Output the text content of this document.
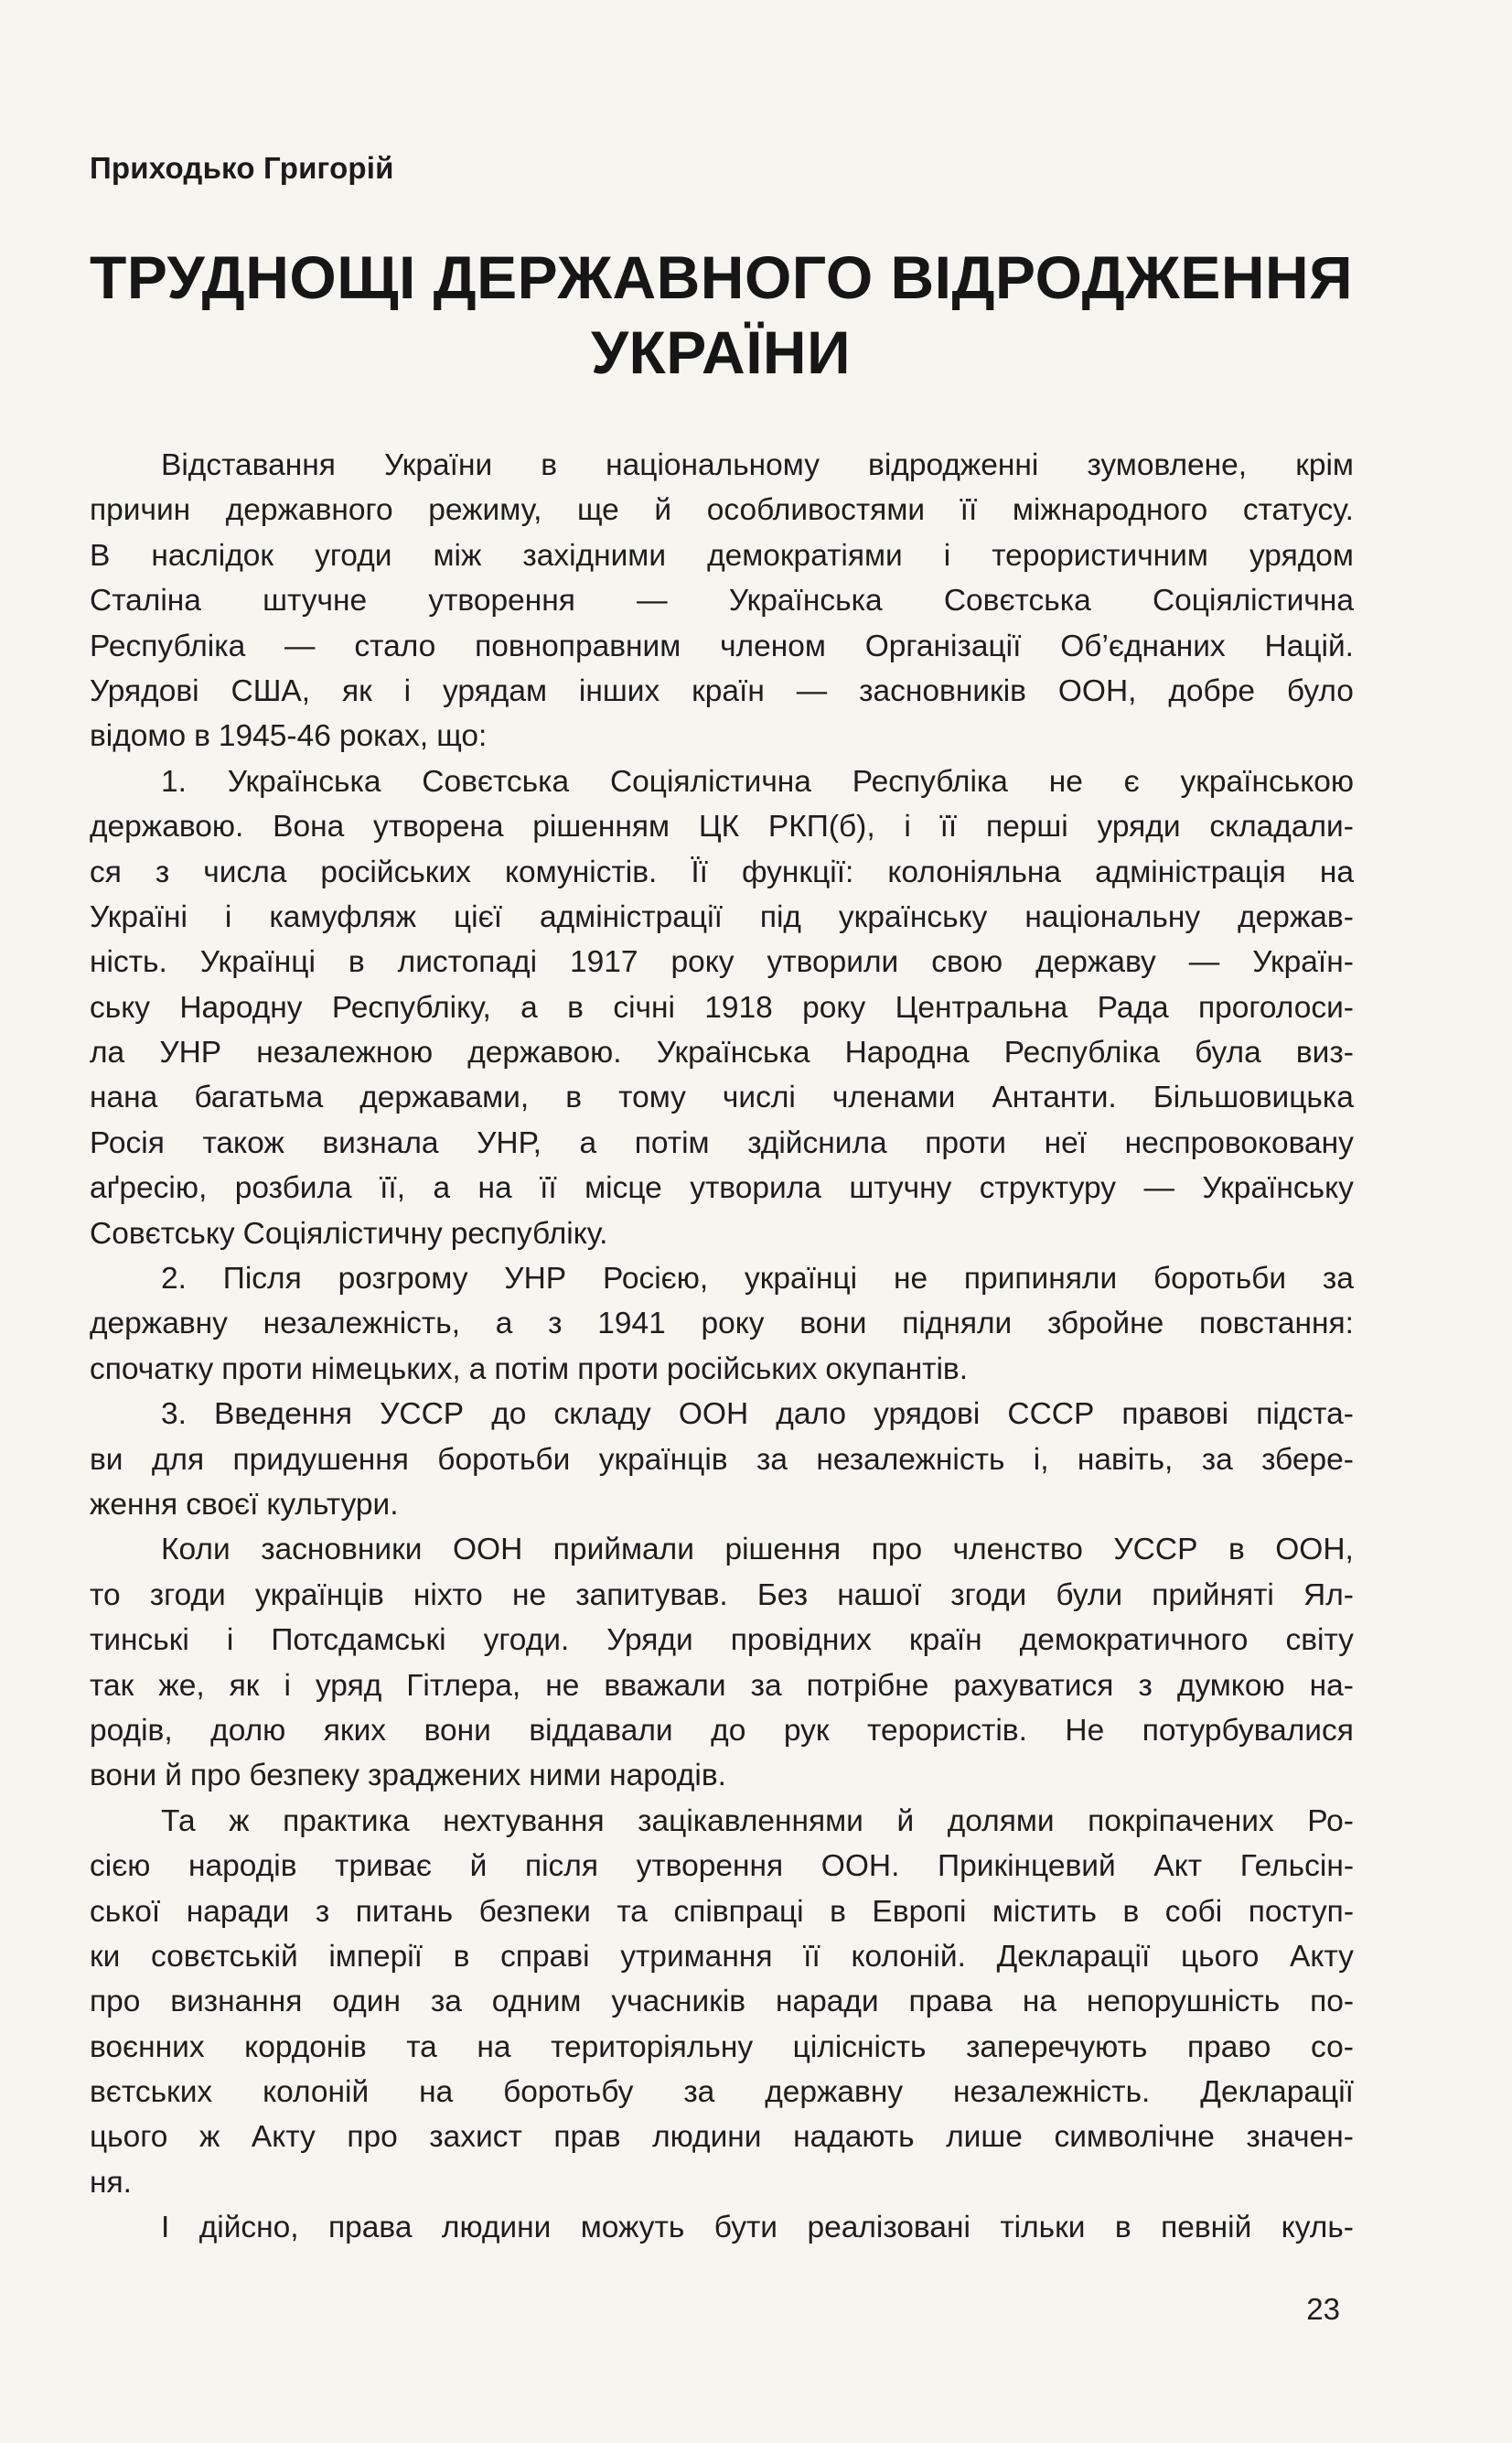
Приходько Григорій
ТРУДНОЩІ ДЕРЖАВНОГО ВІДРОДЖЕННЯ
УКРАЇНИ
Відставання України в національному відродженні зумовлене, крім
причин державного режиму, ще й особливостями її міжнародного статусу.
В наслідок угоди між західними демократіями і терористичним урядом
Сталіна штучне утворення — Українська Совєтська Соціялістична
Республіка — стало повноправним членом Організації Об’єднаних Націй.
Урядові США, як і урядам інших країн — засновників ООН, добре було
відомо в 1945-46 роках, що:
1. Українська Совєтська Соціялістична Республіка не є українською
державою. Вона утворена рішенням ЦК РКП(б), і її перші уряди складали-
ся з числа російських комуністів. Її функції: колоніяльна адміністрація на
Україні і камуфляж цієї адміністрації під українську національну держав-
ність. Українці в листопаді 1917 року утворили свою державу — Україн-
ську Народну Республіку, а в січні 1918 року Центральна Рада проголоси-
ла УНР незалежною державою. Українська Народна Республіка була виз-
нана багатьма державами, в тому числі членами Антанти. Більшовицька
Росія також визнала УНР, а потім здійснила проти неї неспровоковану
аґресію, розбила її, а на її місце утворила штучну структуру — Українську
Совєтську Соціялістичну республіку.
2. Після розгрому УНР Росією, українці не припиняли боротьби за
державну незалежність, а з 1941 року вони підняли збройне повстання:
спочатку проти німецьких, а потім проти російських окупантів.
3. Введення УССР до складу ООН дало урядові СССР правові підста-
ви для придушення боротьби українців за незалежність і, навіть, за збере-
ження своєї культури.
Коли засновники ООН приймали рішення про членство УССР в ООН,
то згоди українців ніхто не запитував. Без нашої згоди були прийняті Ял-
тинські і Потсдамські угоди. Уряди провідних країн демократичного світу
так же, як і уряд Гітлера, не вважали за потрібне рахуватися з думкою на-
родів, долю яких вони віддавали до рук терористів. Не потурбувалися
вони й про безпеку зраджених ними народів.
Та ж практика нехтування зацікавленнями й долями покріпачених Ро-
сією народів триває й після утворення ООН. Прикінцевий Акт Гельсін-
ської наради з питань безпеки та співпраці в Европі містить в собі поступ-
ки совєтській імперії в справі утримання її колоній. Декларації цього Акту
про визнання один за одним учасників наради права на непорушність по-
воєнних кордонів та на територіяльну цілісність заперечують право со-
вєтських колоній на боротьбу за державну незалежність. Декларації
цього ж Акту про захист прав людини надають лише символічне значен-
ня.
І дійсно, права людини можуть бути реалізовані тільки в певній куль-
23
